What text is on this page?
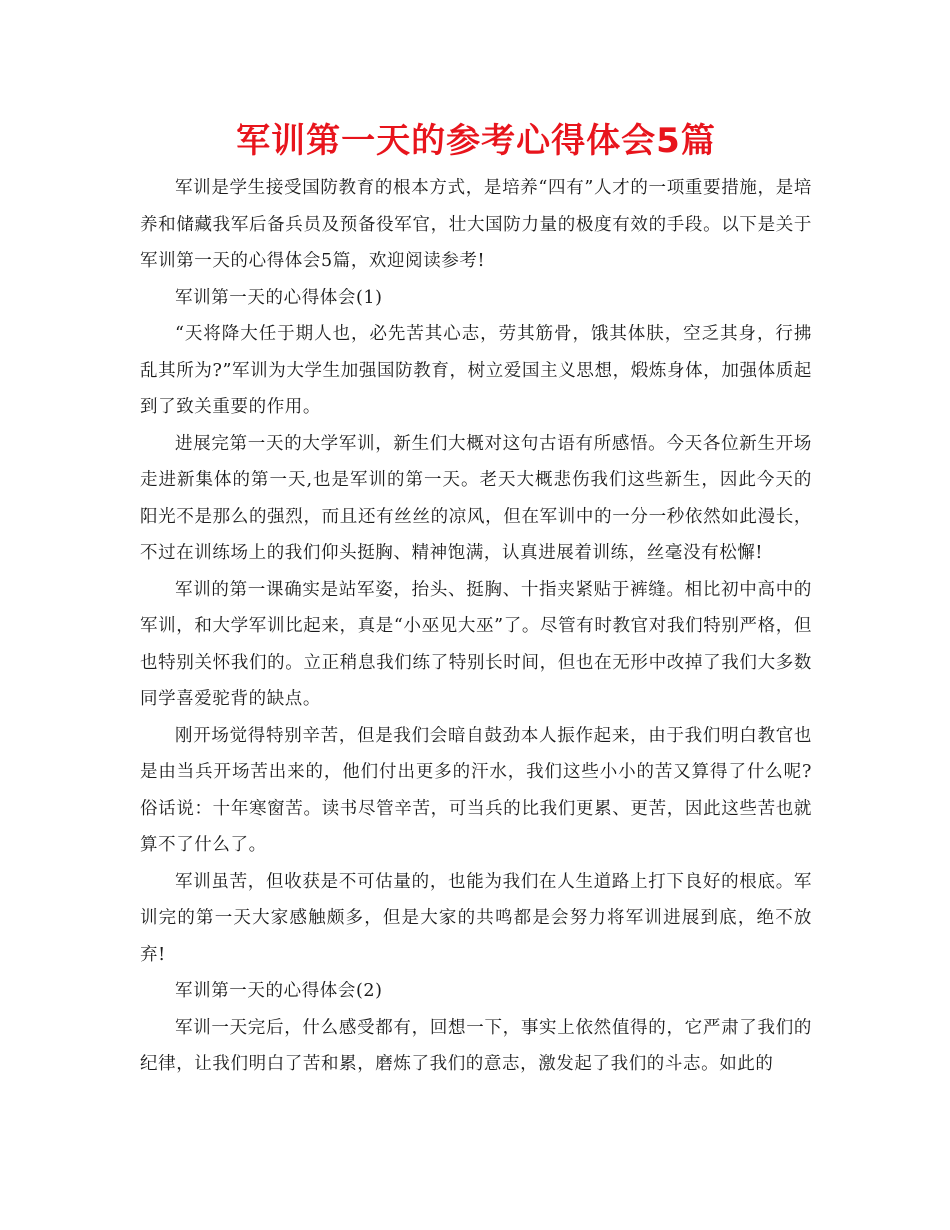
军训第一天的参考心得体会5篇

军训是学生接受国防教育的根本方式，是培养“四有”人才的一项重要措施，是培养和储藏我军后备兵员及预备役军官，壮大国防力量的极度有效的手段。以下是关于军训第一天的心得体会5篇，欢迎阅读参考!

军训第一天的心得体会(1)

“天将降大任于期人也，必先苦其心志，劳其筋骨，饿其体肤，空乏其身，行拂乱其所为?”军训为大学生加强国防教育，树立爱国主义思想，煅炼身体，加强体质起到了致关重要的作用。

进展完第一天的大学军训，新生们大概对这句古语有所感悟。今天各位新生开场走进新集体的第一天,也是军训的第一天。老天大概悲伤我们这些新生，因此今天的阳光不是那么的强烈，而且还有丝丝的凉风，但在军训中的一分一秒依然如此漫长，不过在训练场上的我们仰头挺胸、精神饱满，认真进展着训练，丝毫没有松懈!

军训的第一课确实是站军姿，抬头、挺胸、十指夹紧贴于裤缝。相比初中高中的军训，和大学军训比起来，真是“小巫见大巫”了。尽管有时教官对我们特别严格，但也特别关怀我们的。立正稍息我们练了特别长时间，但也在无形中改掉了我们大多数同学喜爱驼背的缺点。

刚开场觉得特别辛苦，但是我们会暗自鼓劲本人振作起来，由于我们明白教官也是由当兵开场苦出来的，他们付出更多的汗水，我们这些小小的苦又算得了什么呢?俗话说：十年寒窗苦。读书尽管辛苦，可当兵的比我们更累、更苦，因此这些苦也就算不了什么了。

军训虽苦，但收获是不可估量的，也能为我们在人生道路上打下良好的根底。军训完的第一天大家感触颇多，但是大家的共鸣都是会努力将军训进展到底，绝不放弃!

军训第一天的心得体会(2)

军训一天完后，什么感受都有，回想一下，事实上依然值得的，它严肃了我们的纪律，让我们明白了苦和累，磨炼了我们的意志，激发起了我们的斗志。如此的
